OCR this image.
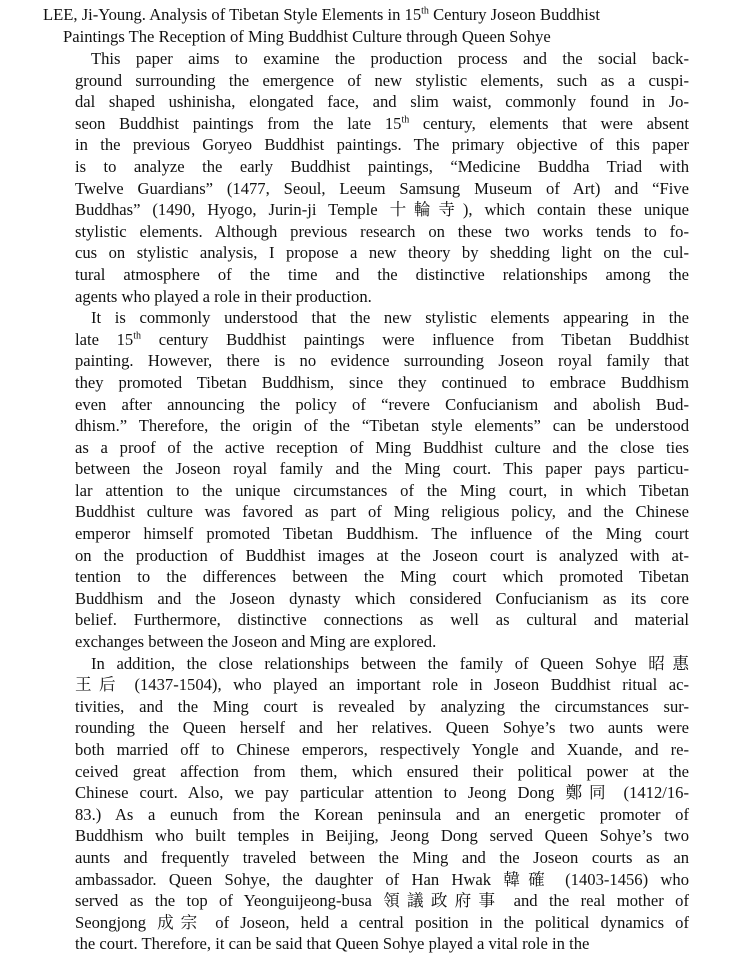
LEE, Ji-Young. Analysis of Tibetan Style Elements in 15th Century Joseon Buddhist
Paintings The Reception of Ming Buddhist Culture through Queen Sohye
This paper aims to examine the production process and the social back-
ground surrounding the emergence of new stylistic elements, such as a cuspi-
dal shaped ushinisha, elongated face, and slim waist, commonly found in Jo-
seon Buddhist paintings from the late 15th century, elements that were absent
in the previous Goryeo Buddhist paintings. The primary objective of this paper
is to analyze the early Buddhist paintings, “Medicine Buddha Triad with
Twelve Guardians” (1477, Seoul, Leeum Samsung Museum of Art) and “Five
Buddhas” (1490, Hyogo, Jurin-ji Temple 十輪寺), which contain these unique
stylistic elements. Although previous research on these two works tends to fo-
cus on stylistic analysis, I propose a new theory by shedding light on the cul-
tural atmosphere of the time and the distinctive relationships among the
agents who played a role in their production.
It is commonly understood that the new stylistic elements appearing in the
late 15th century Buddhist paintings were influence from Tibetan Buddhist
painting. However, there is no evidence surrounding Joseon royal family that
they promoted Tibetan Buddhism, since they continued to embrace Buddhism
even after announcing the policy of “revere Confucianism and abolish Bud-
dhism.” Therefore, the origin of the “Tibetan style elements” can be understood
as a proof of the active reception of Ming Buddhist culture and the close ties
between the Joseon royal family and the Ming court. This paper pays particu-
lar attention to the unique circumstances of the Ming court, in which Tibetan
Buddhist culture was favored as part of Ming religious policy, and the Chinese
emperor himself promoted Tibetan Buddhism. The influence of the Ming court
on the production of Buddhist images at the Joseon court is analyzed with at-
tention to the differences between the Ming court which promoted Tibetan
Buddhism and the Joseon dynasty which considered Confucianism as its core
belief. Furthermore, distinctive connections as well as cultural and material
exchanges between the Joseon and Ming are explored.
In addition, the close relationships between the family of Queen Sohye 昭惠
王后 (1437-1504), who played an important role in Joseon Buddhist ritual ac-
tivities, and the Ming court is revealed by analyzing the circumstances sur-
rounding the Queen herself and her relatives. Queen Sohye’s two aunts were
both married off to Chinese emperors, respectively Yongle and Xuande, and re-
ceived great affection from them, which ensured their political power at the
Chinese court. Also, we pay particular attention to Jeong Dong 鄭同 (1412/16-
83.) As a eunuch from the Korean peninsula and an energetic promoter of
Buddhism who built temples in Beijing, Jeong Dong served Queen Sohye’s two
aunts and frequently traveled between the Ming and the Joseon courts as an
ambassador. Queen Sohye, the daughter of Han Hwak 韓確 (1403-1456) who
served as the top of Yeonguijeong-busa 領議政府事 and the real mother of
Seongjong 成宗 of Joseon, held a central position in the political dynamics of
the court. Therefore, it can be said that Queen Sohye played a vital role in the
